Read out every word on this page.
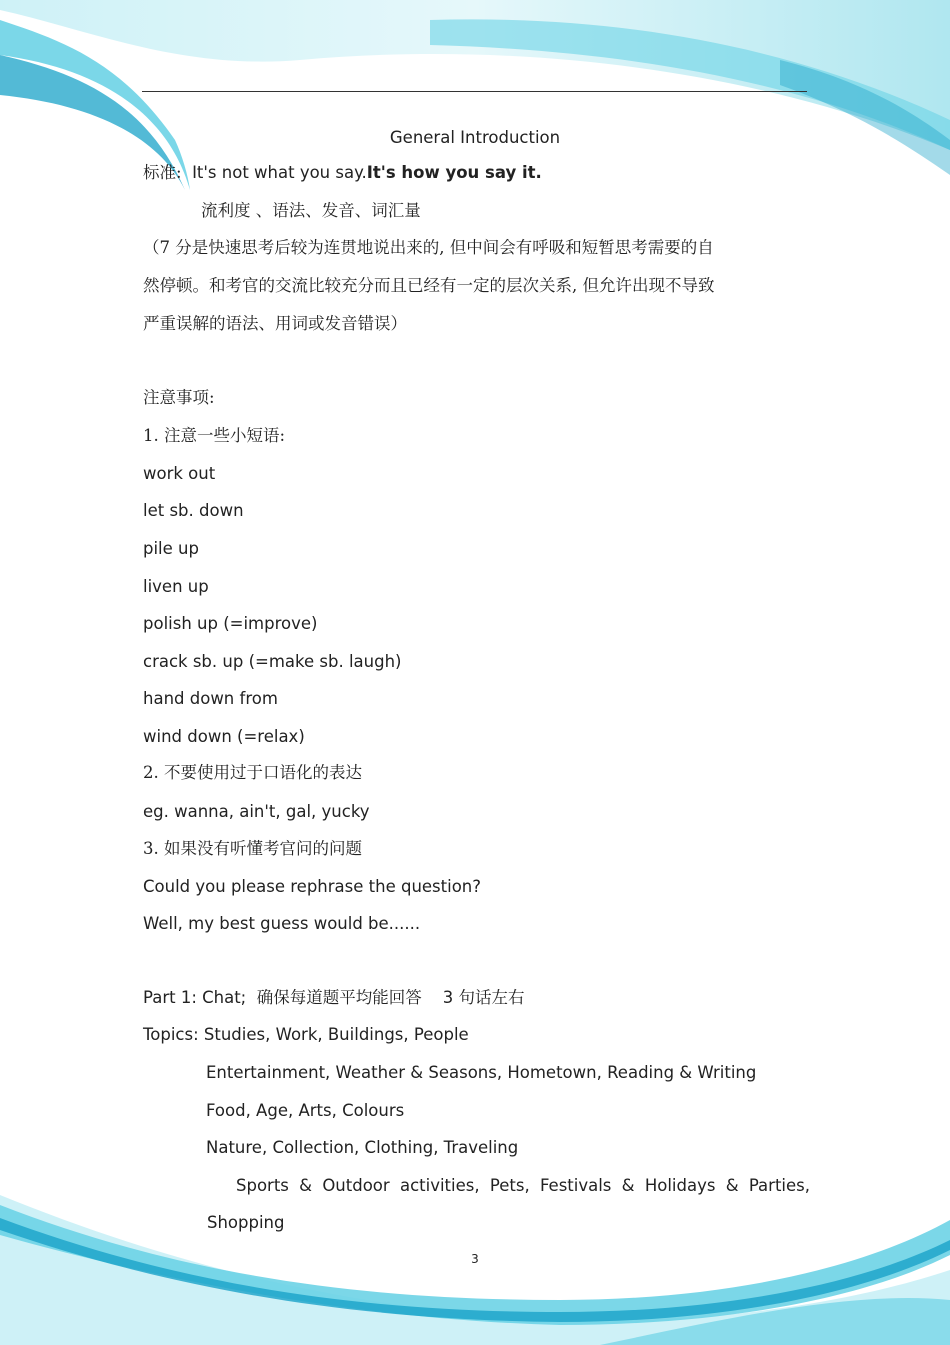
General Introduction
标准: It's not what you say.It's how you say it.
流利度 、语法、发音、词汇量
（7 分是快速思考后较为连贯地说出来的, 但中间会有呼吸和短暂思考需要的自
然停顿。和考官的交流比较充分而且已经有一定的层次关系, 但允许出现不导致
严重误解的语法、用词或发音错误）
注意事项:
1. 注意一些小短语:
work out
let sb. down
pile up
liven up
polish up (=improve)
crack sb. up (=make sb. laugh)
hand down from
wind down (=relax)
2. 不要使用过于口语化的表达
eg. wanna, ain't, gal, yucky
3. 如果没有听懂考官问的问题
Could you please rephrase the question?
Well, my best guess would be......
Part 1: Chat; 确保每道题平均能回答 3 句话左右
Topics: Studies, Work, Buildings, People
Entertainment, Weather & Seasons, Hometown, Reading & Writing
Food, Age, Arts, Colours
Nature, Collection, Clothing, Traveling
Sports & Outdoor activities, Pets, Festivals & Holidays & Parties,
Shopping
3
